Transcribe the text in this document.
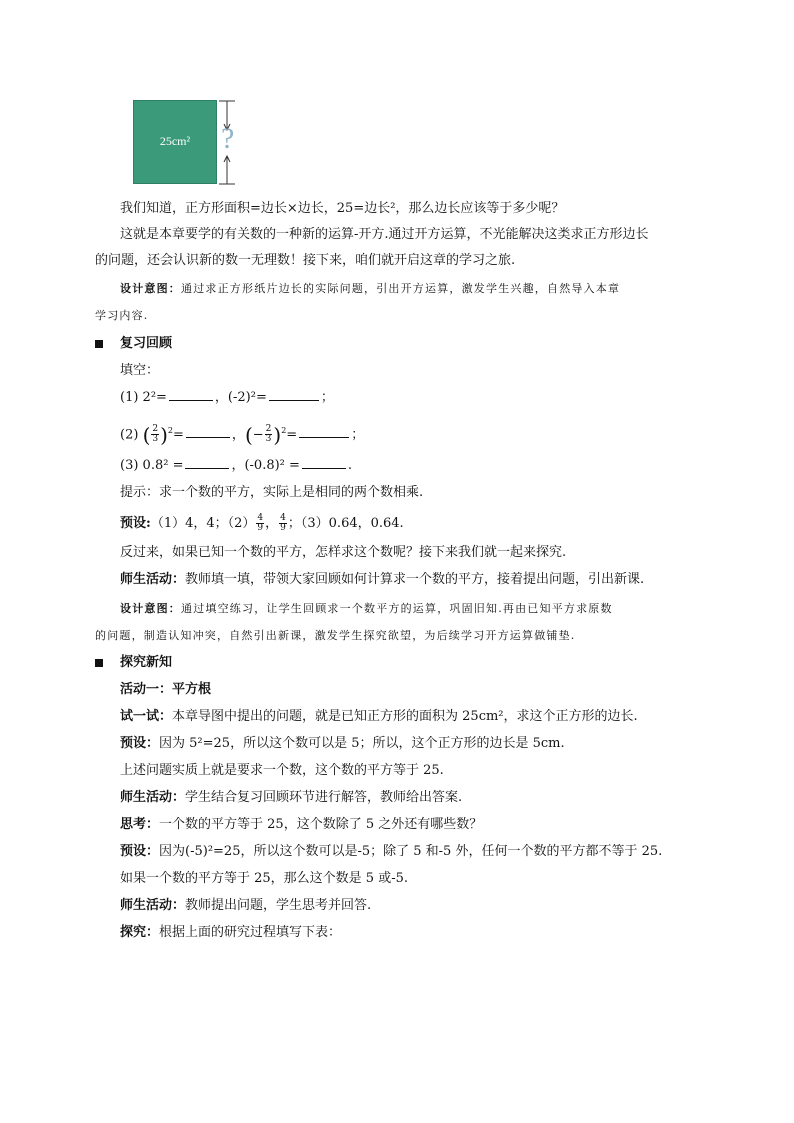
25cm²	?
我们知道，正方形面积=边长×边长，25=边长²，那么边长应该等于多少呢？
这就是本章要学的有关数的一种新的运算-开方.通过开方运算，不光能解决这类求正方形边长
的问题，还会认识新的数一无理数！接下来，咱们就开启这章的学习之旅.
设计意图：通过求正方形纸片边长的实际问题，引出开方运算，激发学生兴趣，自然导入本章
学习内容.
复习回顾
填空：
(1) 2²=	，(-2)²=	；
(2) ( $\frac{2}{3} )^2=$	，(− $\frac{2}{3} )^2=$	；
(3) 0.8² =	，(-0.8)² =	.
提示：求一个数的平方，实际上是相同的两个数相乘.
预设:（1）4，4；$(2) \frac{4}{9}$ ， $\frac{4}{9}$ ；（3）0.64，0.64.
反过来，如果已知一个数的平方，怎样求这个数呢？接下来我们就一起来探究.
师生活动：教师填一填，带领大家回顾如何计算求一个数的平方，接着提出问题，引出新课.
设计意图：通过填空练习，让学生回顾求一个数平方的运算，巩固旧知.再由已知平方求原数
的问题，制造认知冲突，自然引出新课，激发学生探究欲望，为后续学习开方运算做铺垫.
探究新知
活动一：平方根
试一试：本章导图中提出的问题，就是已知正方形的面积为 25cm²，求这个正方形的边长.
预设：因为 5²=25，所以这个数可以是 5；所以，这个正方形的边长是 5cm.
上述问题实质上就是要求一个数，这个数的平方等于 25.
师生活动：学生结合复习回顾环节进行解答，教师给出答案.
思考：一个数的平方等于 25，这个数除了 5 之外还有哪些数？
预设：因为(-5)²=25，所以这个数可以是-5；除了 5 和-5 外，任何一个数的平方都不等于 25.
如果一个数的平方等于 25，那么这个数是 5 或-5.
师生活动：教师提出问题，学生思考并回答.
探究：根据上面的研究过程填写下表：
